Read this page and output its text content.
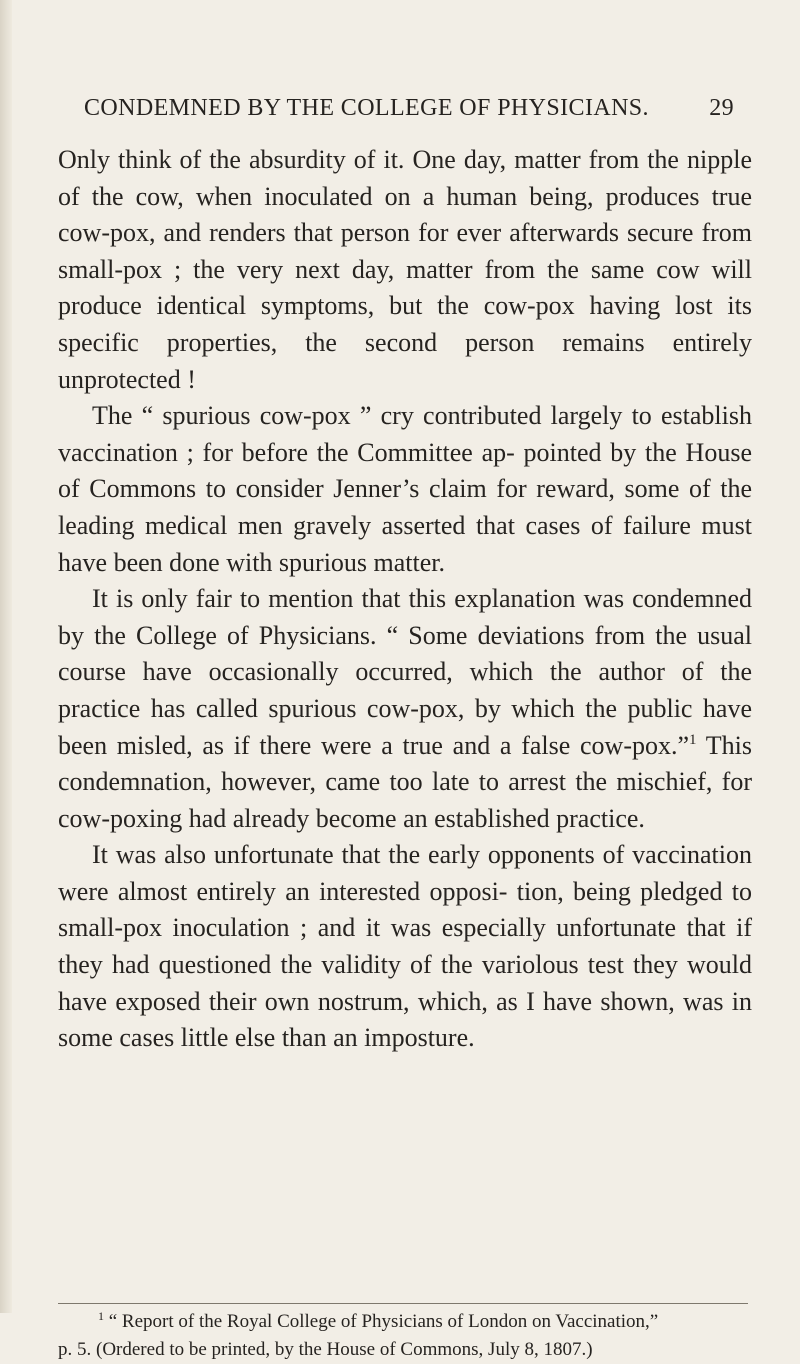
CONDEMNED BY THE COLLEGE OF PHYSICIANS.	29

Only think of the absurdity of it. One day, matter from the nipple of the cow, when inoculated on a human being, produces true cow-pox, and renders that person for ever afterwards secure from small-pox ; the very next day, matter from the same cow will produce identical symptoms, but the cow-pox having lost its specific properties, the second person remains entirely unprotected !

The “ spurious cow-pox ” cry contributed largely to establish vaccination ; for before the Committee ap- pointed by the House of Commons to consider Jenner’s claim for reward, some of the leading medical men gravely asserted that cases of failure must have been done with spurious matter.

It is only fair to mention that this explanation was condemned by the College of Physicians. “ Some deviations from the usual course have occasionally occurred, which the author of the practice has called spurious cow-pox, by which the public have been misled, as if there were a true and a false cow-pox.”$^1$ This condemnation, however, came too late to arrest the mischief, for cow-poxing had already become an established practice.

It was also unfortunate that the early opponents of vaccination were almost entirely an interested opposi- tion, being pledged to small-pox inoculation ; and it was especially unfortunate that if they had questioned the validity of the variolous test they would have exposed their own nostrum, which, as I have shown, was in some cases little else than an imposture.

$^1$ “ Report of the Royal College of Physicians of London on Vaccination,”

p. 5. (Ordered to be printed, by the House of Commons, July 8, 1807.)
